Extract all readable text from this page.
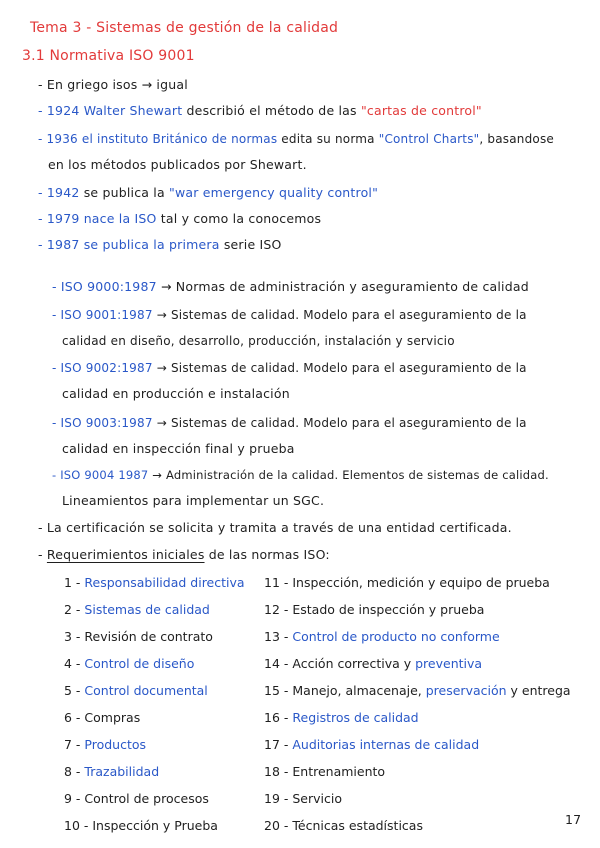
Tema 3 - Sistemas de gestión de la calidad
3.1 Normativa ISO 9001
- En griego isos → igual
- 1924 Walter Shewart describió el método de las "cartas de control"
- 1936 el instituto Británico de normas edita su norma "Control Charts", basandose
en los métodos publicados por Shewart.
- 1942 se publica la "war emergency quality control"
- 1979 nace la ISO tal y como la conocemos
- 1987 se publica la primera serie ISO
- ISO 9000:1987 → Normas de administración y aseguramiento de calidad
- ISO 9001:1987 → Sistemas de calidad. Modelo para el aseguramiento de la
calidad en diseño, desarrollo, producción, instalación y servicio
- ISO 9002:1987 → Sistemas de calidad. Modelo para el aseguramiento de la
calidad en producción e instalación
- ISO 9003:1987 → Sistemas de calidad. Modelo para el aseguramiento de la
calidad en inspección final y prueba
- ISO 9004 1987 → Administración de la calidad. Elementos de sistemas de calidad.
Lineamientos para implementar un SGC.
- La certificación se solicita y tramita a través de una entidad certificada.
- Requerimientos iniciales de las normas ISO:
1 - Responsabilidad directiva
2 - Sistemas de calidad
3 - Revisión de contrato
4 - Control de diseño
5 - Control documental
6 - Compras
7 - Productos
8 - Trazabilidad
9 - Control de procesos
10 - Inspección y Prueba
11 - Inspección, medición y equipo de prueba
12 - Estado de inspección y prueba
13 - Control de producto no conforme
14 - Acción correctiva y preventiva
15 - Manejo, almacenaje, preservación y entrega
16 - Registros de calidad
17 - Auditorias internas de calidad
18 - Entrenamiento
19 - Servicio
20 - Técnicas estadísticas	17
